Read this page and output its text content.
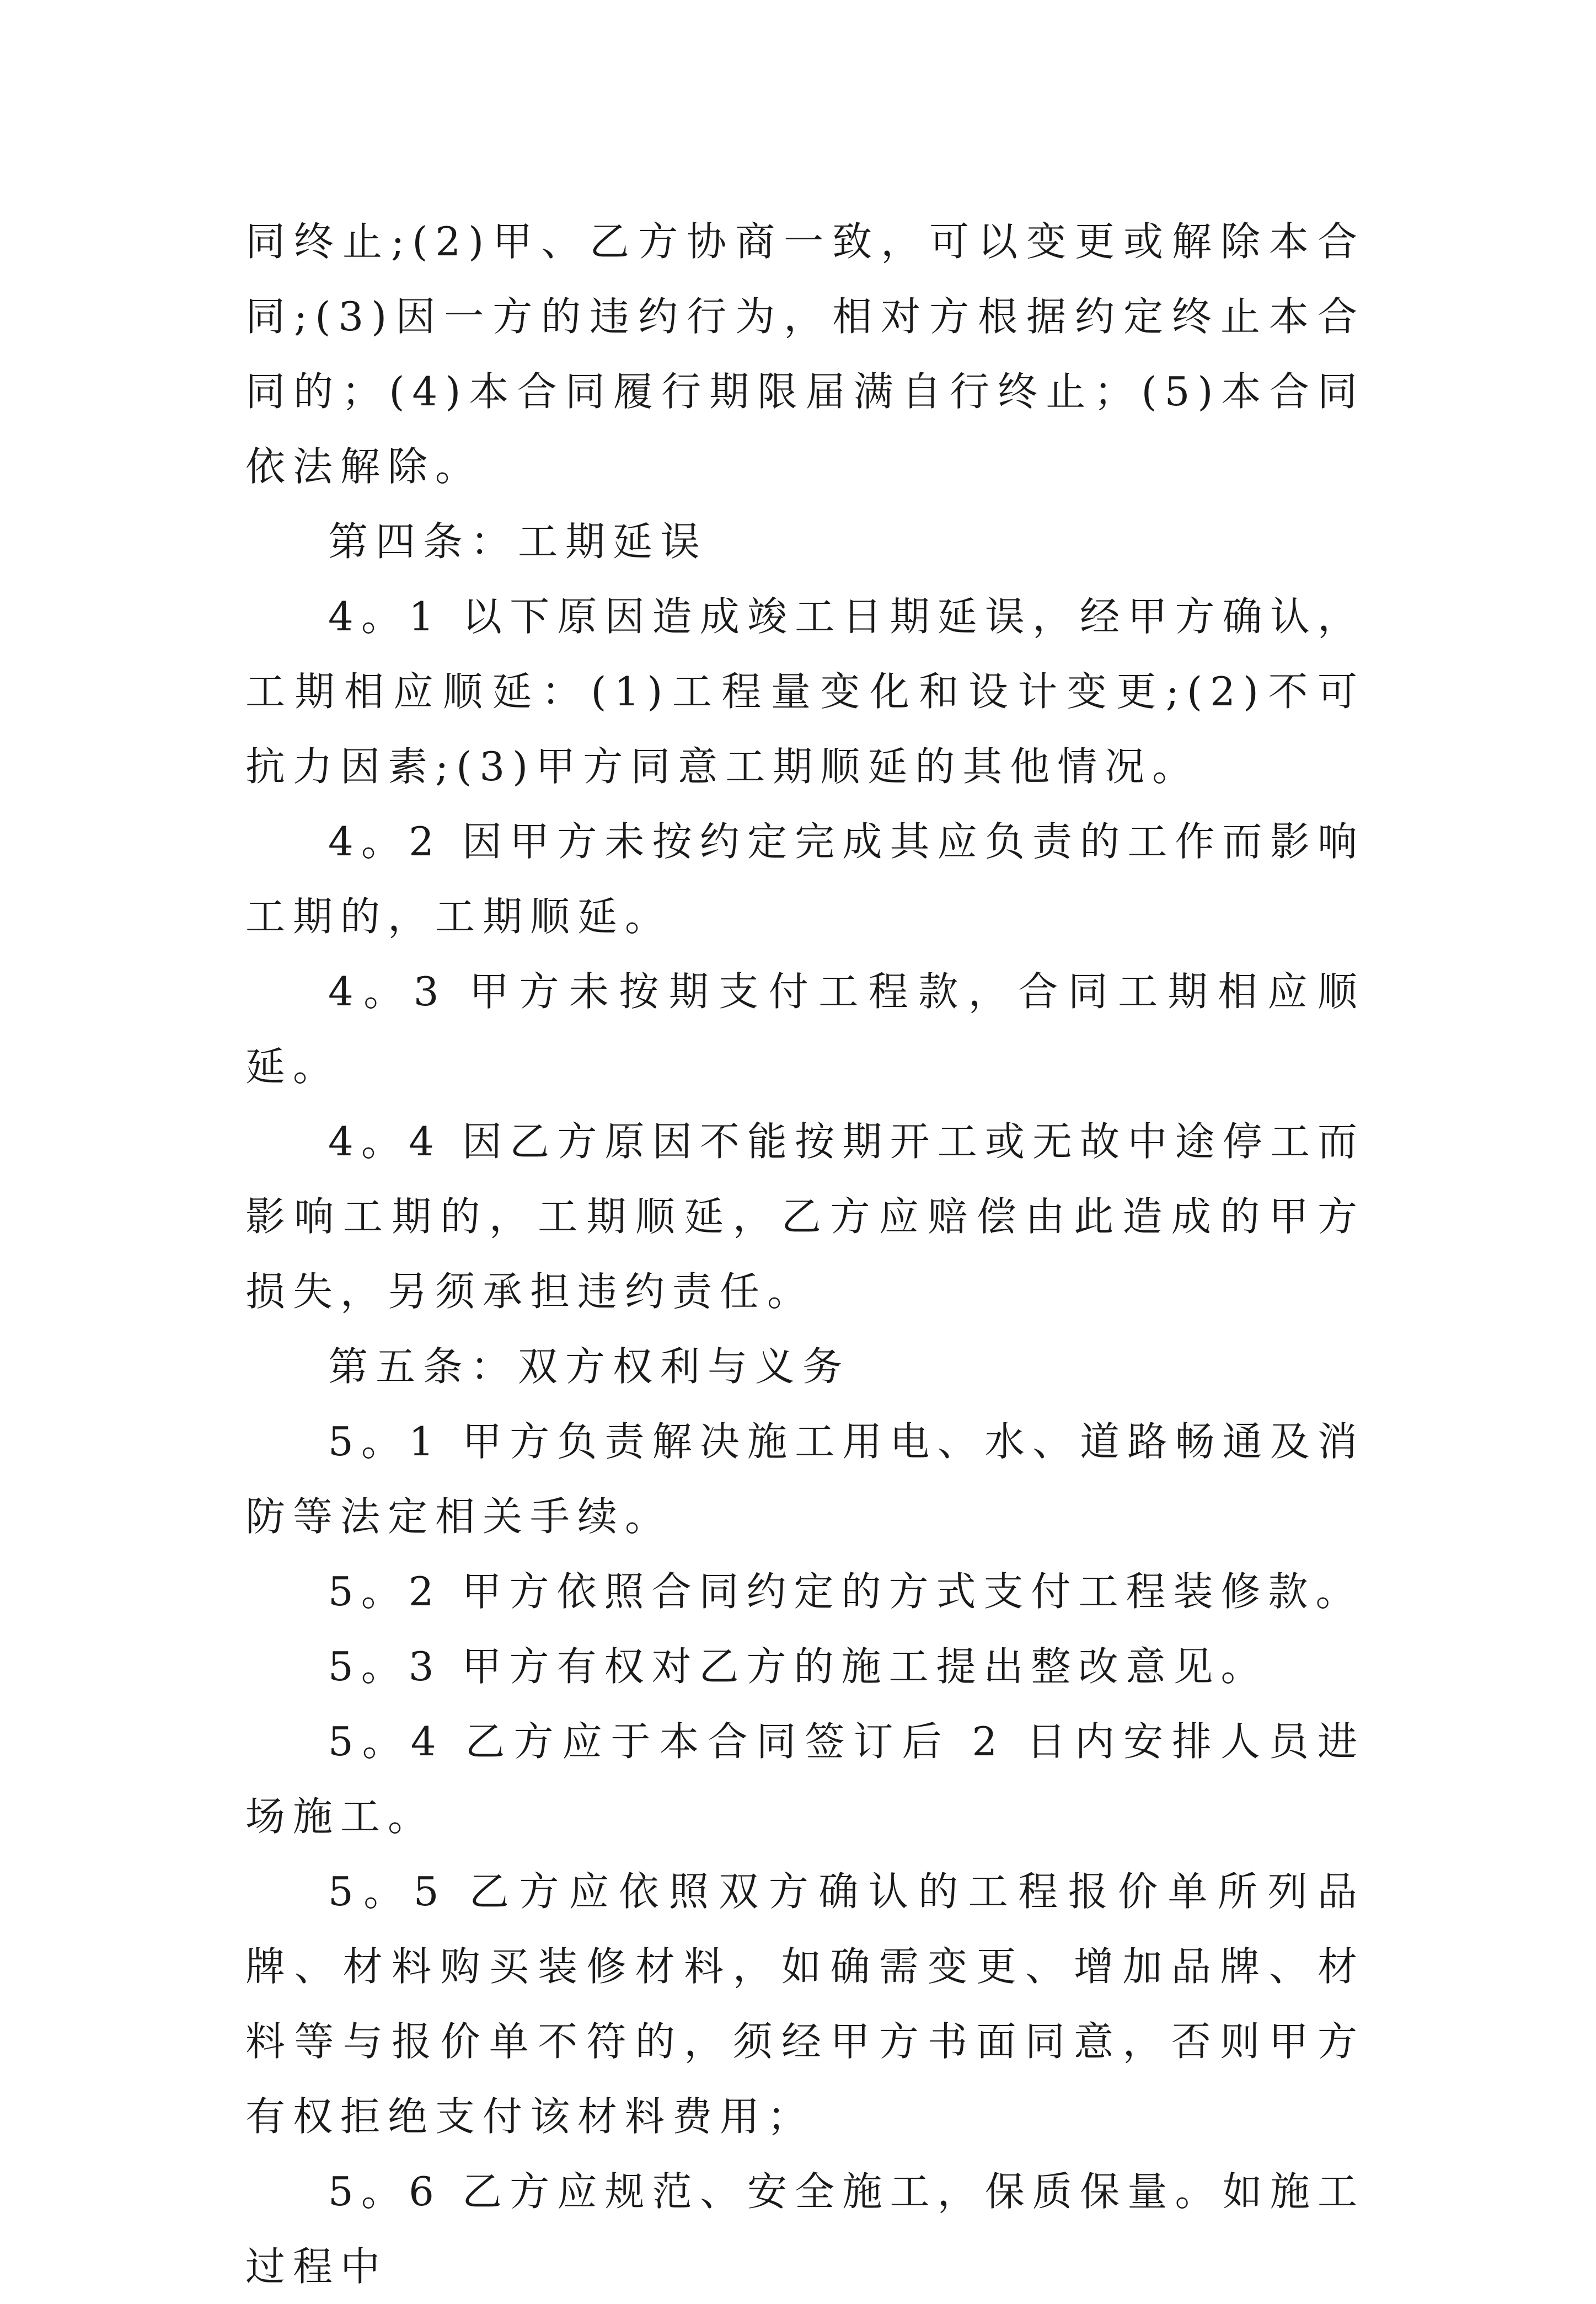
同终止;(2)甲、乙方协商一致，可以变更或解除本合同;(3)因一方的违约行为，相对方根据约定终止本合同的；(4)本合同履行期限届满自行终止；(5)本合同依法解除。

第四条：工期延误

4。1 以下原因造成竣工日期延误，经甲方确认，工期相应顺延：(1)工程量变化和设计变更;(2)不可抗力因素;(3)甲方同意工期顺延的其他情况。

4。2 因甲方未按约定完成其应负责的工作而影响工期的，工期顺延。

4。3 甲方未按期支付工程款，合同工期相应顺延。

4。4 因乙方原因不能按期开工或无故中途停工而影响工期的，工期顺延，乙方应赔偿由此造成的甲方损失，另须承担违约责任。

第五条：双方权利与义务

5。1 甲方负责解决施工用电、水、道路畅通及消防等法定相关手续。

5。2 甲方依照合同约定的方式支付工程装修款。

5。3 甲方有权对乙方的施工提出整改意见。

5。4 乙方应于本合同签订后 2 日内安排人员进场施工。

5。5 乙方应依照双方确认的工程报价单所列品牌、材料购买装修材料，如确需变更、增加品牌、材料等与报价单不符的，须经甲方书面同意，否则甲方有权拒绝支付该材料费用；

5。6 乙方应规范、安全施工，保质保量。如施工过程中
